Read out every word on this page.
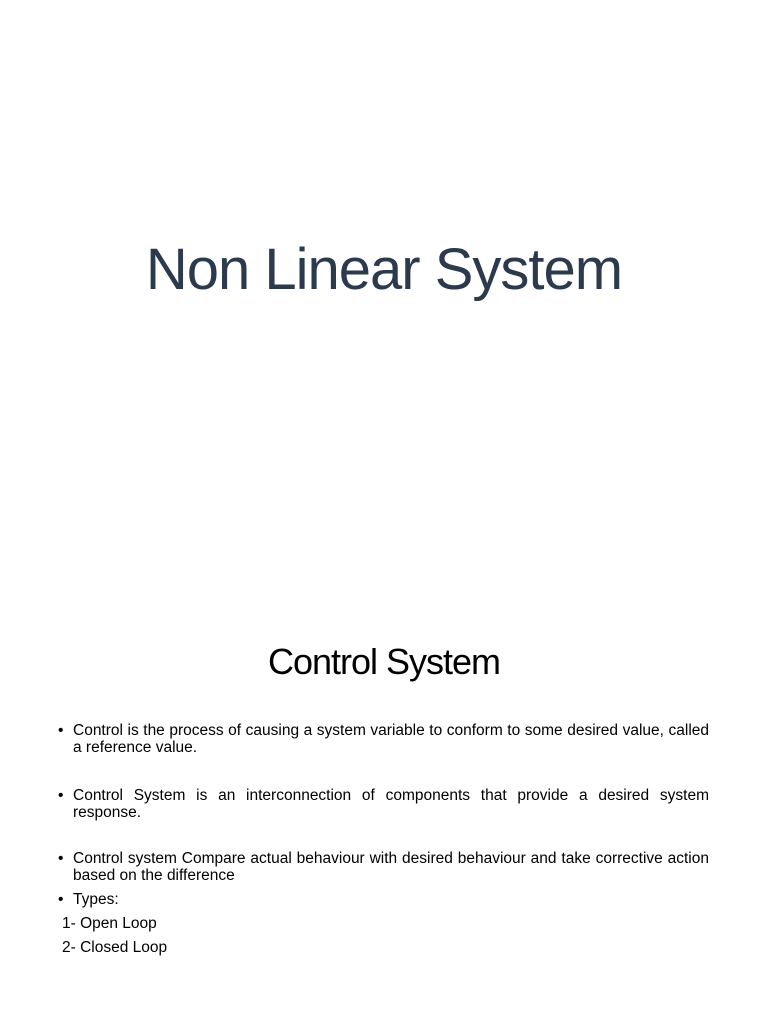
Non Linear System
Control System
• Control is the process of causing a system variable to conform to some desired value, called a reference value.
• Control System is an interconnection of components that provide a desired system response.
• Control system Compare actual behaviour with desired behaviour and take corrective action based on the difference
• Types:
1- Open Loop
2- Closed Loop
